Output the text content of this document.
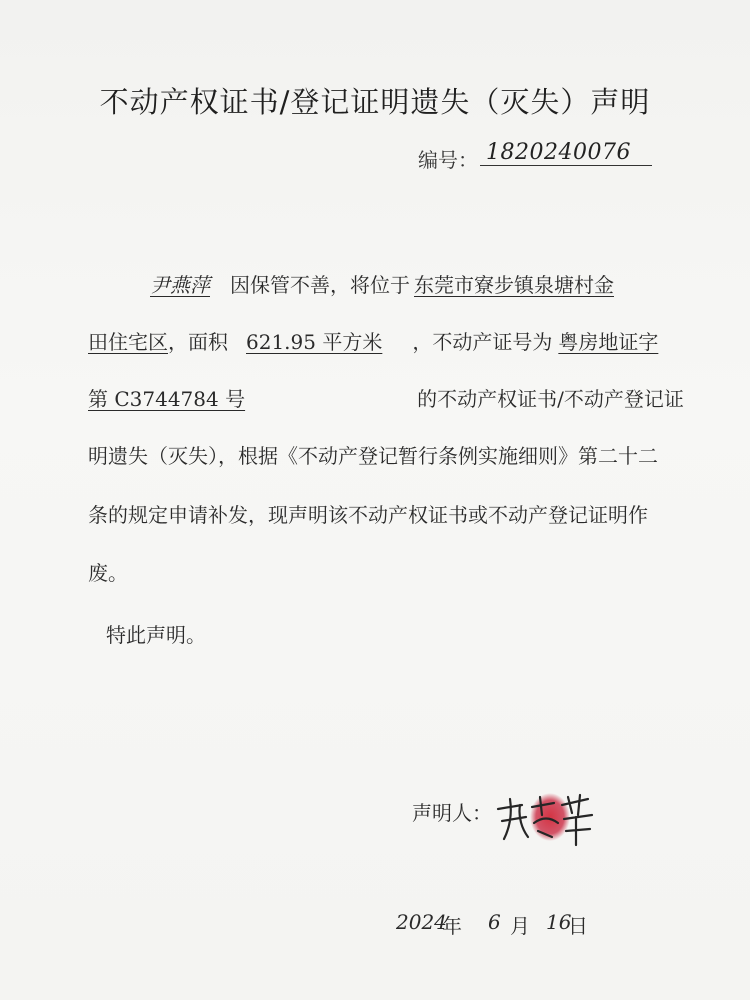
不动产权证书/登记证明遗失（灭失）声明
编号： 1820240076
尹燕萍 因保管不善，将位于 东莞市寮步镇泉塘村金
田住宅区，面积 621.95 平方米 ，不动产证号为 粤房地证字
第 C3744784 号	的不动产权证书/不动产登记证
明遗失（灭失），根据《不动产登记暂行条例实施细则》第二十二
条的规定申请补发，现声明该不动产权证书或不动产登记证明作
废。
特此声明。
声明人：
2024
年 6 月 16
日
